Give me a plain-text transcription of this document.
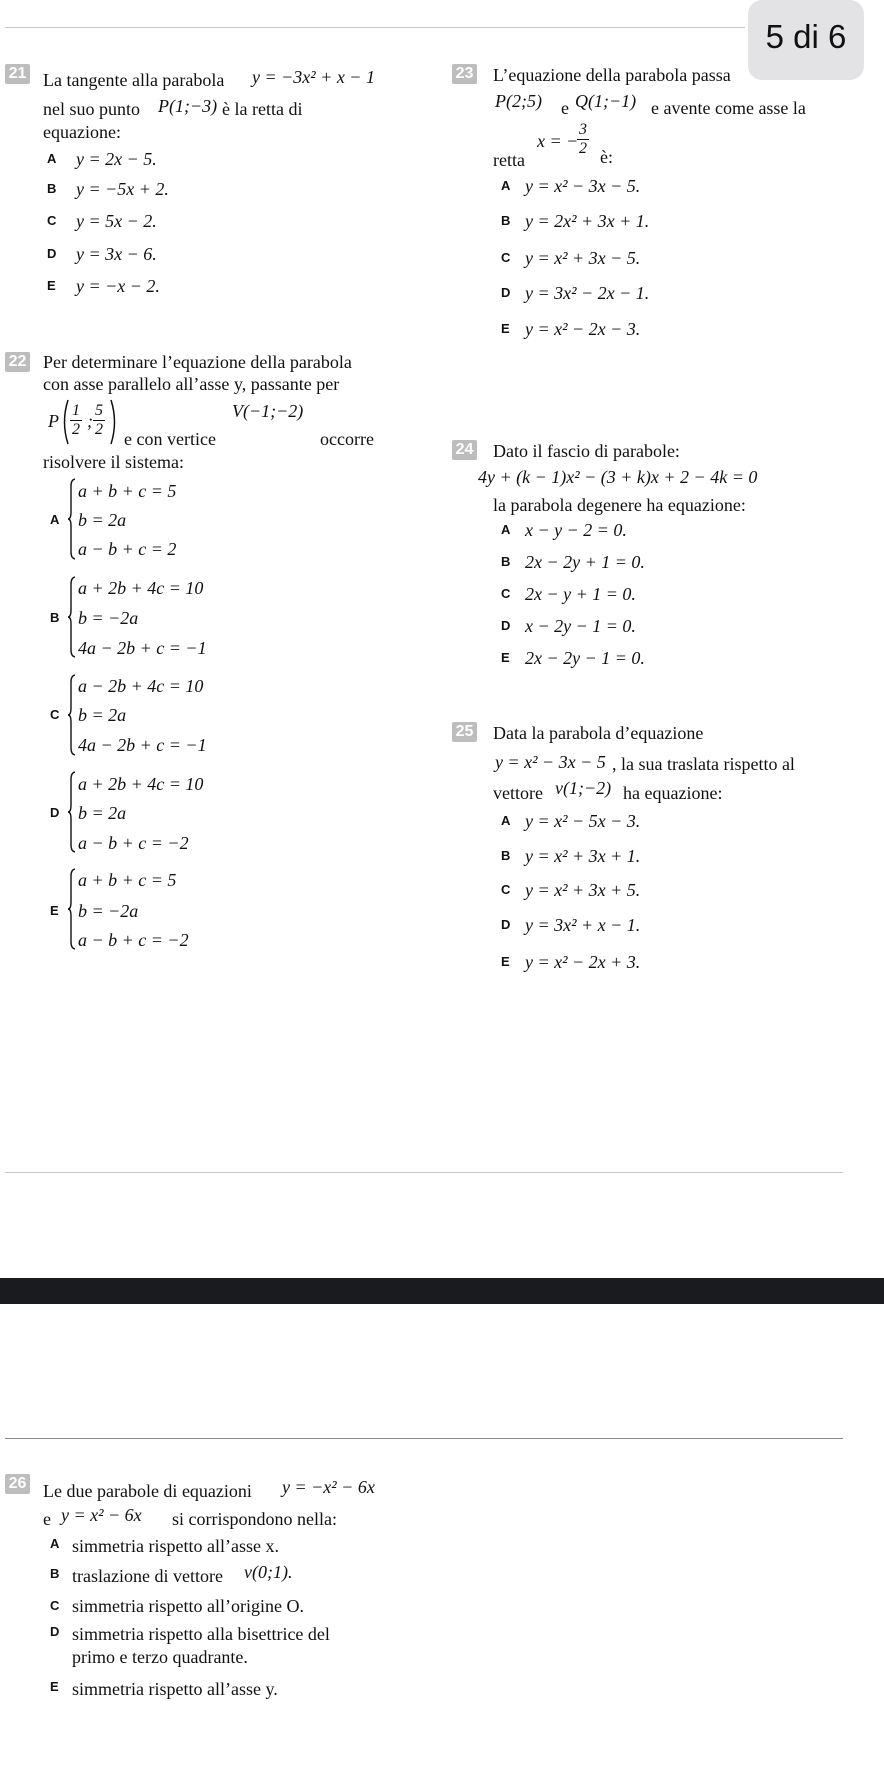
5 di 6
21 La tangente alla parabola y = −3x² + x − 1
nel suo punto P(1;−3) è la retta di
equazione:
A y = 2x − 5.
B y = −5x + 2.
C y = 5x − 2.
D y = 3x − 6.
E y = −x − 2.
22 Per determinare l’equazione della parabola
con asse parallelo all’asse y, passante per
P $\frac{1}{2}$ ; $\frac{5}{2}$ e con vertice
V(−1;−2)
occorre
risolvere il sistema:
A
a + b + c = 5
b = 2a
a − b + c = 2
B
a + 2b + 4c = 10
b = −2a
4a − 2b + c = −1
C
a − 2b + 4c = 10
b = 2a
4a − 2b + c = −1
D
a + 2b + 4c = 10
b = 2a
a − b + c = −2
E
a + b + c = 5
b = −2a
a − b + c = −2
23 L’equazione della parabola passa
P(2;5) e Q(1;−1) e avente come asse la
retta
x = −
$\frac{3}{2}$ è:
A y = x² − 3x − 5.
B y = 2x² + 3x + 1.
C y = x² + 3x − 5.
D y = 3x² − 2x − 1.
E y = x² − 2x − 3.
24 Dato il fascio di parabole:
4y + (k − 1)x² − (3 + k)x + 2 − 4k = 0
la parabola degenere ha equazione:
A x − y − 2 = 0.
B 2x − 2y + 1 = 0.
C 2x − y + 1 = 0.
D x − 2y − 1 = 0.
E 2x − 2y − 1 = 0.
25 Data la parabola d’equazione
y = x² − 3x − 5 , la sua traslata rispetto al
vettore v(1;−2) ha equazione:
A y = x² − 5x − 3.
B y = x² + 3x + 1.
C y = x² + 3x + 5.
D y = 3x² + x − 1.
E y = x² − 2x + 3.
26 Le due parabole di equazioni y = −x² − 6x
e y = x² − 6x si corrispondono nella:
A simmetria rispetto all’asse x.
B traslazione di vettore v(0;1).
C simmetria rispetto all’origine O.
D simmetria rispetto alla bisettrice del
primo e terzo quadrante.
E simmetria rispetto all’asse y.
